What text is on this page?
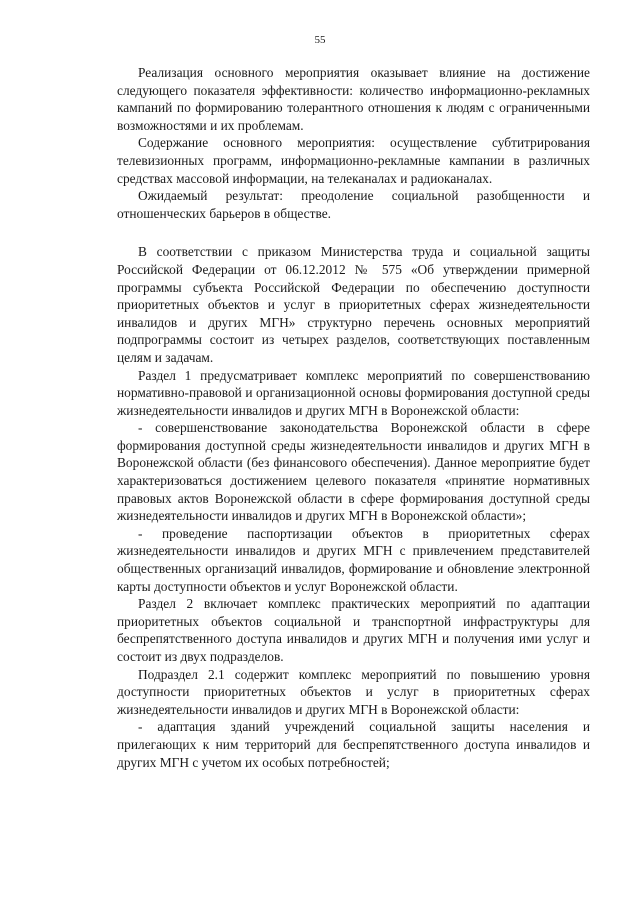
55

Реализация основного мероприятия оказывает влияние на достижение следующего показателя эффективности: количество информационно-рекламных кампаний по формированию толерантного отношения к людям с ограниченными возможностями и их проблемам.

Содержание основного мероприятия: осуществление субтитрирования телевизионных программ, информационно-рекламные кампании в различных средствах массовой информации, на телеканалах и радиоканалах.

Ожидаемый результат: преодоление социальной разобщенности и отношенческих барьеров в обществе.

В соответствии с приказом Министерства труда и социальной защиты Российской Федерации от 06.12.2012 № 575 «Об утверждении примерной программы субъекта Российской Федерации по обеспечению доступности приоритетных объектов и услуг в приоритетных сферах жизнедеятельности инвалидов и других МГН» структурно перечень основных мероприятий подпрограммы состоит из четырех разделов, соответствующих поставленным целям и задачам.

Раздел 1 предусматривает комплекс мероприятий по совершенствованию нормативно-правовой и организационной основы формирования доступной среды жизнедеятельности инвалидов и других МГН в Воронежской области:

- совершенствование законодательства Воронежской области в сфере формирования доступной среды жизнедеятельности инвалидов и других МГН в Воронежской области (без финансового обеспечения). Данное мероприятие будет характеризоваться достижением целевого показателя «принятие нормативных правовых актов Воронежской области в сфере формирования доступной среды жизнедеятельности инвалидов и других МГН в Воронежской области»;

- проведение паспортизации объектов в приоритетных сферах жизнедеятельности инвалидов и других МГН с привлечением представителей общественных организаций инвалидов, формирование и обновление электронной карты доступности объектов и услуг Воронежской области.

Раздел 2 включает комплекс практических мероприятий по адаптации приоритетных объектов социальной и транспортной инфраструктуры для беспрепятственного доступа инвалидов и других МГН и получения ими услуг и состоит из двух подразделов.

Подраздел 2.1 содержит комплекс мероприятий по повышению уровня доступности приоритетных объектов и услуг в приоритетных сферах жизнедеятельности инвалидов и других МГН в Воронежской области:

- адаптация зданий учреждений социальной защиты населения и прилегающих к ним территорий для беспрепятственного доступа инвалидов и других МГН с учетом их особых потребностей;
